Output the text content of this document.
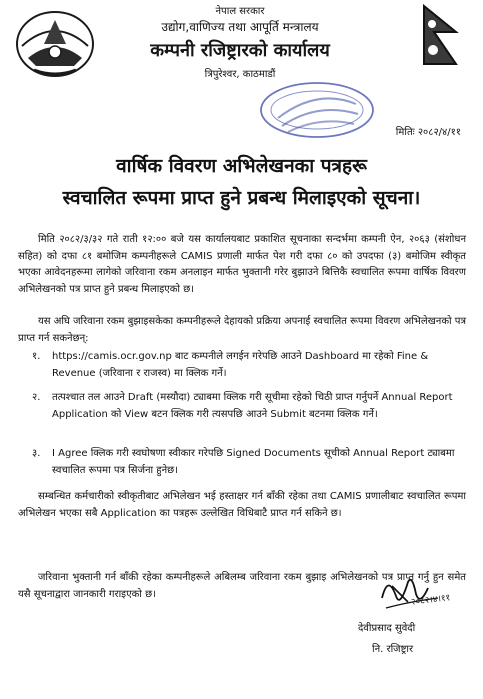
नेपाल सरकार
उद्योग,वाणिज्य तथा आपूर्ति मन्त्रालय
कम्पनी रजिष्ट्रारको कार्यालय
त्रिपुरेश्वर, काठमाडौं
मितिः २०८२/४/११
वार्षिक विवरण अभिलेखनका पत्रहरू
स्वचालित रूपमा प्राप्त हुने प्रबन्ध मिलाइएको सूचना।
मिति २०८२/३/३२ गते राती १२:०० बजे यस कार्यालयबाट प्रकाशित सूचनाका सन्दर्भमा कम्पनी ऐन, २०६३ (संशोधन सहित) को दफा ८१ बमोजिम कम्पनीहरूले CAMIS प्रणाली मार्फत पेश गरी दफा ८० को उपदफा (३) बमोजिम स्वीकृत भएका आवेदनहरूमा लागेको जरिवाना रकम अनलाइन मार्फत भुक्तानी गरेर बुझाउने बित्तिकै स्वचालित रूपमा वार्षिक विवरण अभिलेखनको पत्र प्राप्त हुने प्रबन्ध मिलाइएको छ।
यस अघि जरिवाना रकम बुझाइसकेका कम्पनीहरूले देहायको प्रक्रिया अपनाई स्वचालित रूपमा विवरण अभिलेखनको पत्र प्राप्त गर्न सकनेछन्:
१. https://camis.ocr.gov.np बाट कम्पनीले लगईन गरेपछि आउने Dashboard मा रहेको Fine & Revenue (जरिवाना र राजस्व) मा क्लिक गर्ने।
२. तत्पश्चात तल आउने Draft (मस्यौदा) ट्याबमा क्लिक गरी सूचीमा रहेको चिठी प्राप्त गर्नुपर्ने Annual Report Application को View बटन क्लिक गरी त्यसपछि आउने Submit बटनमा क्लिक गर्ने।
३. I Agree क्लिक गरी स्वघोषणा स्वीकार गरेपछि Signed Documents सूचीको Annual Report ट्याबमा स्वचालित रूपमा पत्र सिर्जना हुनेछ।
सम्बन्धित कर्मचारीको स्वीकृतीबाट अभिलेखन भई हस्ताक्षर गर्न बाँकी रहेका तथा CAMIS प्रणालीबाट स्वचालित रूपमा अभिलेखन भएका सबै Application का पत्रहरू उल्लेखित विधिबाटै प्राप्त गर्न सकिने छ।
जरिवाना भुक्तानी गर्न बाँकी रहेका कम्पनीहरूले अबिलम्ब जरिवाना रकम बुझाइ अभिलेखनको पत्र प्राप्त गर्नु हुन समेत यसै सूचनाद्वारा जानकारी गराइएको छ।	२०८२।४।११
देवीप्रसाद सुवेदी
नि. रजिष्ट्रार
